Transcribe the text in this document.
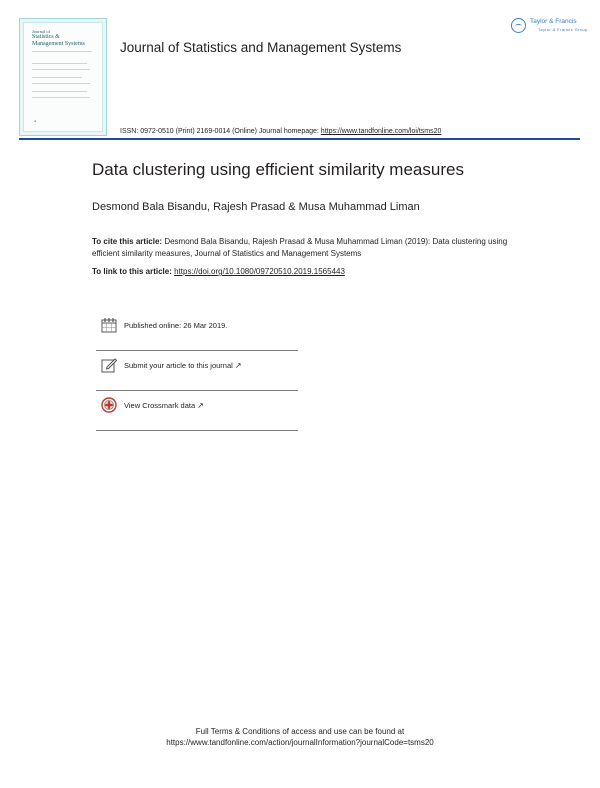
Journal of
Statistics &
Management Systems
●
Journal of Statistics and Management Systems
Taylor & Francis
Taylor & Francis Group
ISSN: 0972-0510 (Print) 2169-0014 (Online) Journal homepage: https://www.tandfonline.com/loi/tsms20
Data clustering using efficient similarity measures
Desmond Bala Bisandu, Rajesh Prasad & Musa Muhammad Liman
To cite this article: Desmond Bala Bisandu, Rajesh Prasad & Musa Muhammad Liman (2019): Data clustering using efficient similarity measures, Journal of Statistics and Management Systems
To link to this article: https://doi.org/10.1080/09720510.2019.1565443
Published online: 26 Mar 2019.
Submit your article to this journal ↗
View Crossmark data ↗
Full Terms & Conditions of access and use can be found at
https://www.tandfonline.com/action/journalInformation?journalCode=tsms20
